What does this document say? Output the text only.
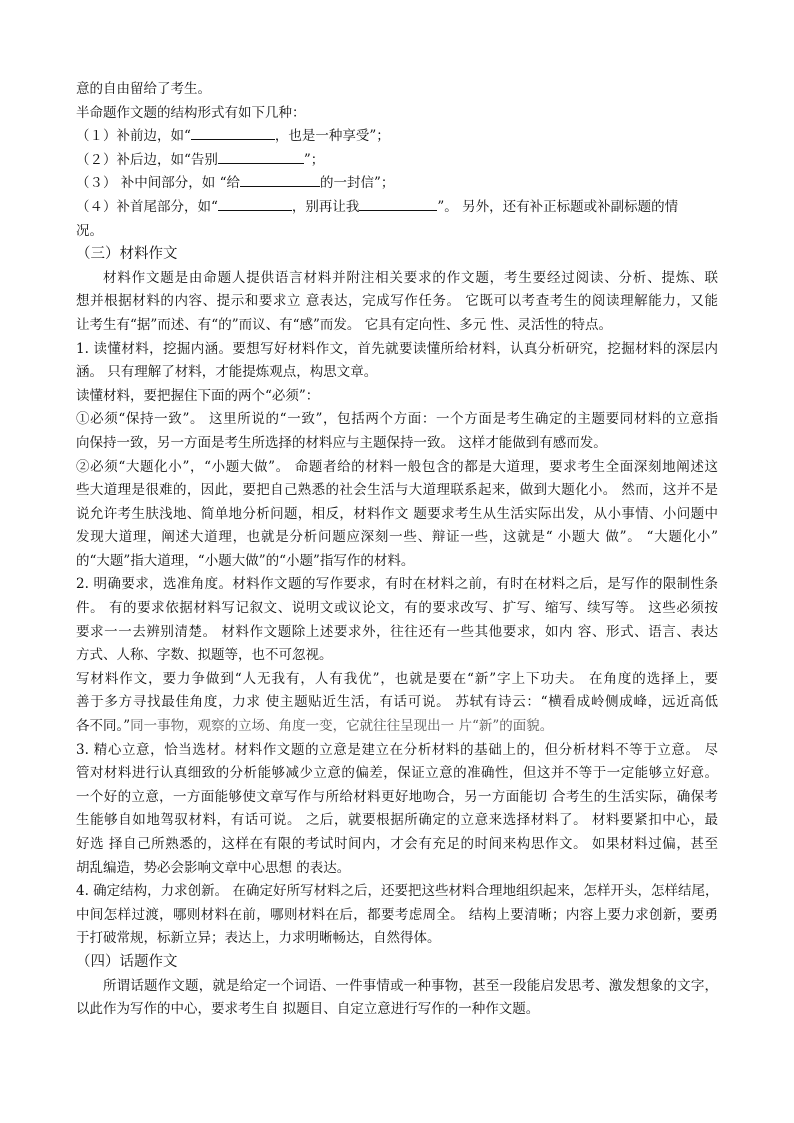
意的自由留给了考生。
半命题作文题的结构形式有如下几种：
（１）补前边，如“	，也是一种享受”；
（２）补后边，如“告别	”；
（３） 补中间部分，如 “给	的一封信”；
（４）补首尾部分，如“	，别再让我	”。 另外，还有补正标题或补副标题的情
况。
（三）材料作文
材料作文题是由命题人提供语言材料并附注相关要求的作文题，考生要经过阅读、分析、提炼、联
想并根据材料的内容、提示和要求立 意表达，完成写作任务。 它既可以考查考生的阅读理解能力，又能
让考生有“据”而述、有“的”而议、有“感”而发。 它具有定向性、多元 性、灵活性的特点。
1. 读懂材料，挖掘内涵。要想写好材料作文，首先就要读懂所给材料，认真分析研究，挖掘材料的深层内
涵。 只有理解了材料，才能提炼观点，构思文章。
读懂材料，要把握住下面的两个“必须”：
①必须“保持一致”。 这里所说的“一致”，包括两个方面：一个方面是考生确定的主题要同材料的立意指
向保持一致，另一方面是考生所选择的材料应与主题保持一致。 这样才能做到有感而发。
②必须“大题化小”，“小题大做”。 命题者给的材料一般包含的都是大道理，要求考生全面深刻地阐述这
些大道理是很难的，因此，要把自己熟悉的社会生活与大道理联系起来，做到大题化小。 然而，这并不是
说允许考生肤浅地、简单地分析问题，相反，材料作文 题要求考生从生活实际出发，从小事情、小问题中
发现大道理，阐述大道理，也就是分析问题应深刻一些、辩证一些，这就是“ 小题大 做”。 “大题化小”
的“大题”指大道理，“小题大做”的“小题”指写作的材料。
2. 明确要求，选准角度。材料作文题的写作要求，有时在材料之前，有时在材料之后，是写作的限制性条
件。 有的要求依据材料写记叙文、说明文或议论文，有的要求改写、扩写、缩写、续写等。 这些必须按
要求一一去辨别清楚。 材料作文题除上述要求外，往往还有一些其他要求，如内 容、形式、语言、表达
方式、人称、字数、拟题等，也不可忽视。
写材料作文，要力争做到“人无我有，人有我优”，也就是要在“新”字上下功夫。 在角度的选择上，要
善于多方寻找最佳角度，力求 使主题贴近生活，有话可说。 苏轼有诗云：“横看成岭侧成峰，远近高低
各不同。”同一事物，观察的立场、角度一变，它就往往呈现出一 片“新”的面貌。
3. 精心立意，恰当选材。材料作文题的立意是建立在分析材料的基础上的，但分析材料不等于立意。 尽
管对材料进行认真细致的分析能够减少立意的偏差，保证立意的准确性，但这并不等于一定能够立好意。
一个好的立意，一方面能够使文章写作与所给材料更好地吻合，另一方面能切 合考生的生活实际，确保考
生能够自如地驾驭材料，有话可说。 之后，就要根据所确定的立意来选择材料了。 材料要紧扣中心，最
好选 择自己所熟悉的，这样在有限的考试时间内，才会有充足的时间来构思作文。 如果材料过偏，甚至
胡乱编造，势必会影响文章中心思想 的表达。
4. 确定结构，力求创新。 在确定好所写材料之后，还要把这些材料合理地组织起来，怎样开头，怎样结尾，
中间怎样过渡，哪则材料在前，哪则材料在后，都要考虑周全。 结构上要清晰；内容上要力求创新，要勇
于打破常规，标新立异；表达上，力求明晰畅达，自然得体。
（四）话题作文
所谓话题作文题，就是给定一个词语、一件事情或一种事物，甚至一段能启发思考、激发想象的文字，
以此作为写作的中心，要求考生自 拟题目、自定立意进行写作的一种作文题。
